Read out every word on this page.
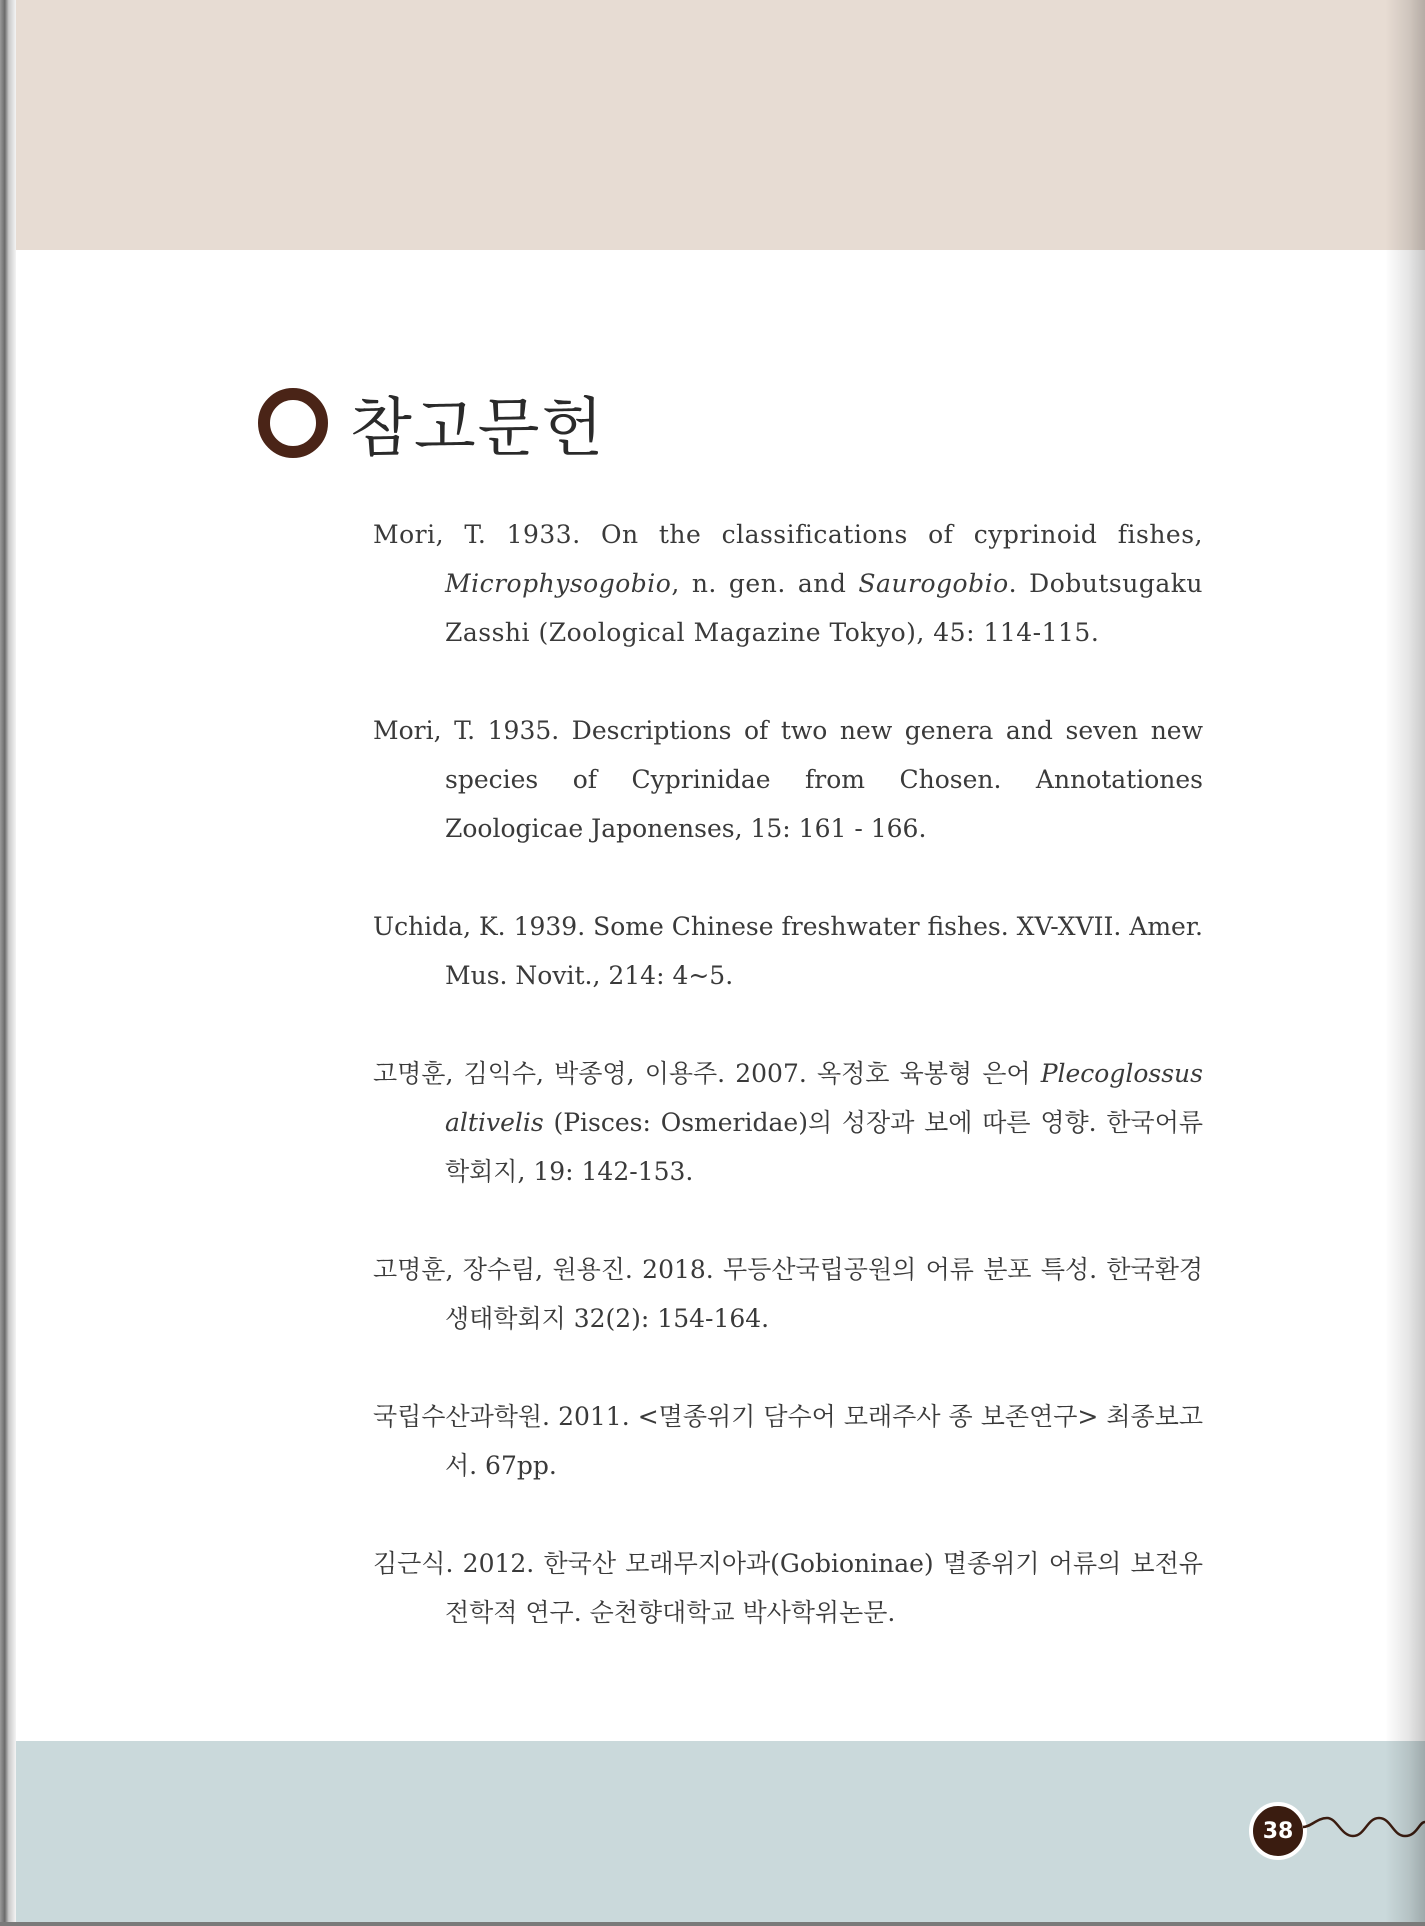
참고문헌

Mori, T. 1933. On the classifications of cyprinoid fishes, Microphysogobio, n. gen. and Saurogobio. Dobutsugaku Zasshi (Zoological Magazine Tokyo), 45: 114-115.

Mori, T. 1935. Descriptions of two new genera and seven new species of Cyprinidae from Chosen. Annotationes Zoologicae Japonenses, 15: 161 - 166.

Uchida, K. 1939. Some Chinese freshwater fishes. XV-XVII. Amer. Mus. Novit., 214: 4~5.

고명훈, 김익수, 박종영, 이용주. 2007. 옥정호 육봉형 은어 Plecoglossus altivelis (Pisces: Osmeridae)의 성장과 보에 따른 영향. 한국어류학회지, 19: 142-153.

고명훈, 장수림, 원용진. 2018. 무등산국립공원의 어류 분포 특성. 한국환경생태학회지 32(2): 154-164.

국립수산과학원. 2011. <멸종위기 담수어 모래주사 종 보존연구> 최종보고서. 67pp.

김근식. 2012. 한국산 모래무지아과(Gobioninae) 멸종위기 어류의 보전유전학적 연구. 순천향대학교 박사학위논문.

38
